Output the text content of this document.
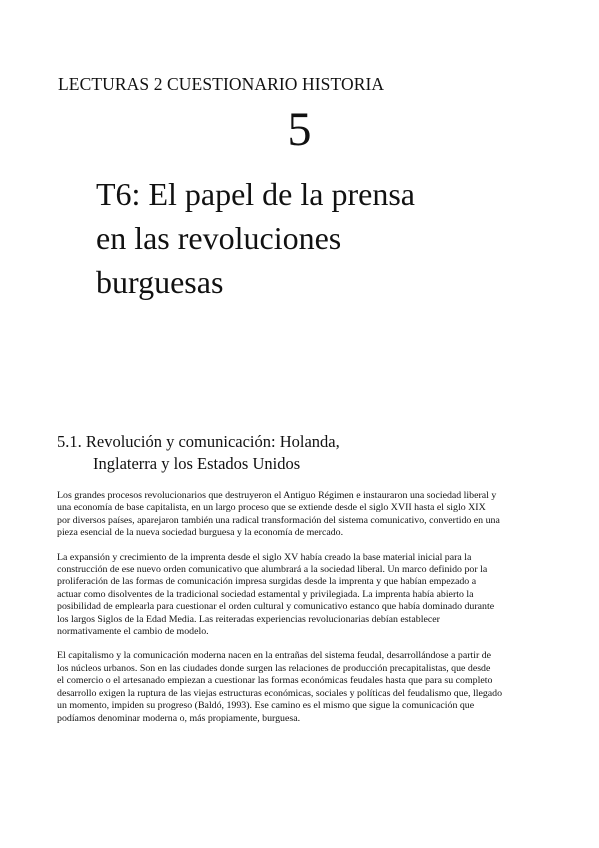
LECTURAS 2 CUESTIONARIO HISTORIA
5
T6: El papel de la prensa
en las revoluciones
burguesas
5.1. Revolución y comunicación: Holanda,
Inglaterra y los Estados Unidos
Los grandes procesos revolucionarios que destruyeron el Antiguo Régimen e instauraron una sociedad liberal y
una economía de base capitalista, en un largo proceso que se extiende desde el siglo XVII hasta el siglo XIX
por diversos países, aparejaron también una radical transformación del sistema comunicativo, convertido en una
pieza esencial de la nueva sociedad burguesa y la economía de mercado.
La expansión y crecimiento de la imprenta desde el siglo XV había creado la base material inicial para la
construcción de ese nuevo orden comunicativo que alumbrará a la sociedad liberal. Un marco definido por la
proliferación de las formas de comunicación impresa surgidas desde la imprenta y que habían empezado a
actuar como disolventes de la tradicional sociedad estamental y privilegiada. La imprenta había abierto la
posibilidad de emplearla para cuestionar el orden cultural y comunicativo estanco que había dominado durante
los largos Siglos de la Edad Media. Las reiteradas experiencias revolucionarias debían establecer
normativamente el cambio de modelo.
El capitalismo y la comunicación moderna nacen en la entrañas del sistema feudal, desarrollándose a partir de
los núcleos urbanos. Son en las ciudades donde surgen las relaciones de producción precapitalistas, que desde
el comercio o el artesanado empiezan a cuestionar las formas económicas feudales hasta que para su completo
desarrollo exigen la ruptura de las viejas estructuras económicas, sociales y políticas del feudalismo que, llegado
un momento, impiden su progreso (Baldó, 1993). Ese camino es el mismo que sigue la comunicación que
podíamos denominar moderna o, más propiamente, burguesa.
